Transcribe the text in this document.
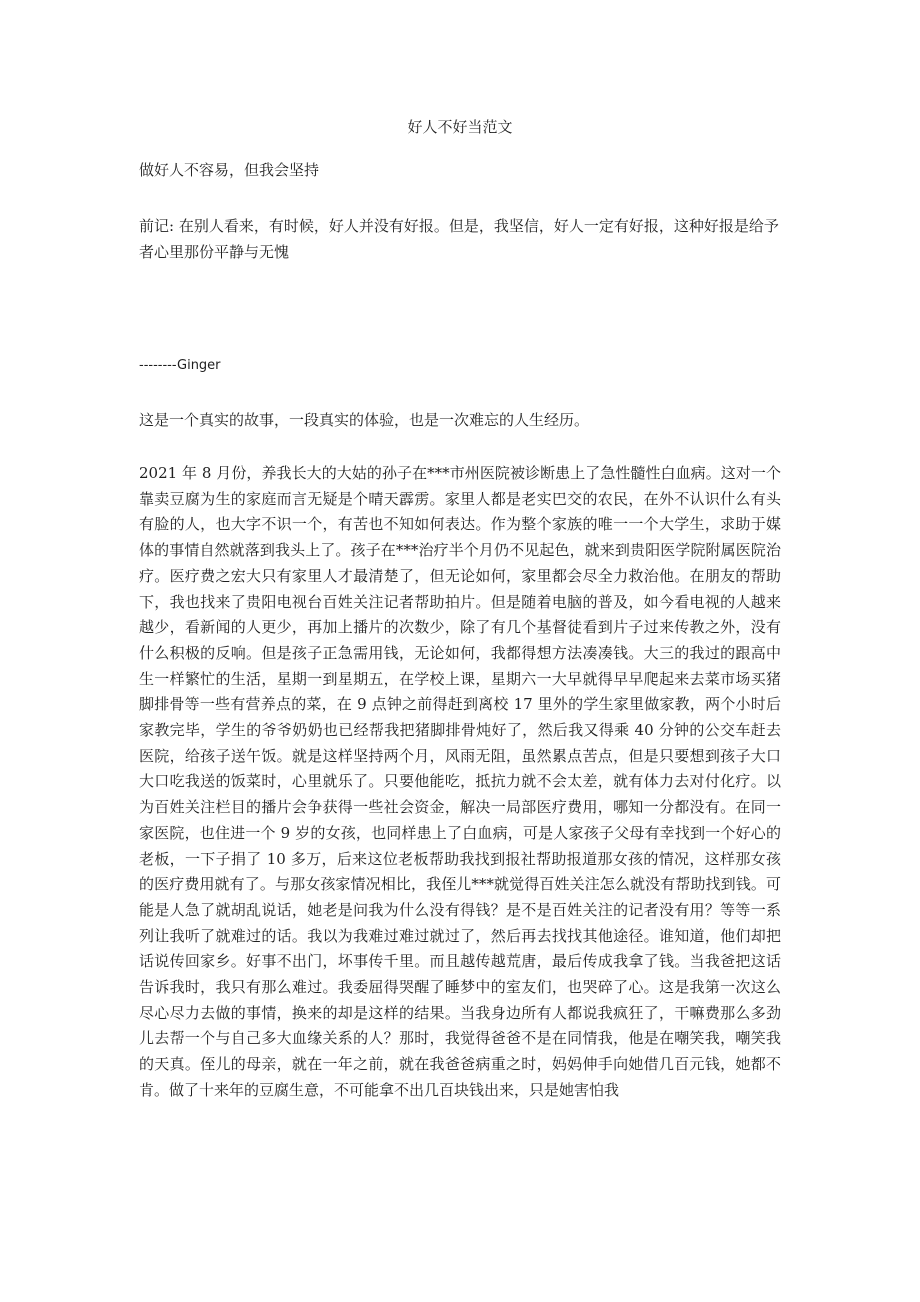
好人不好当范文

做好人不容易，但我会坚持

前记: 在别人看来，有时候，好人并没有好报。但是，我坚信，好人一定有好报，这种好报是给予者心里那份平静与无愧

--------Ginger

这是一个真实的故事，一段真实的体验，也是一次难忘的人生经历。

2021 年 8 月份，养我长大的大姑的孙子在***市州医院被诊断患上了急性髓性白血病。这对一个靠卖豆腐为生的家庭而言无疑是个晴天霹雳。家里人都是老实巴交的农民，在外不认识什么有头有脸的人，也大字不识一个，有苦也不知如何表达。作为整个家族的唯一一个大学生，求助于媒体的事情自然就落到我头上了。孩子在***治疗半个月仍不见起色，就来到贵阳医学院附属医院治疗。医疗费之宏大只有家里人才最清楚了，但无论如何，家里都会尽全力救治他。在朋友的帮助下，我也找来了贵阳电视台百姓关注记者帮助拍片。但是随着电脑的普及，如今看电视的人越来越少，看新闻的人更少，再加上播片的次数少，除了有几个基督徒看到片子过来传教之外，没有什么积极的反响。但是孩子正急需用钱，无论如何，我都得想方法凑凑钱。大三的我过的跟高中生一样繁忙的生活，星期一到星期五，在学校上课，星期六一大早就得早早爬起来去菜市场买猪脚排骨等一些有营养点的菜，在 9 点钟之前得赶到离校 17 里外的学生家里做家教，两个小时后家教完毕，学生的爷爷奶奶也已经帮我把猪脚排骨炖好了，然后我又得乘 40 分钟的公交车赶去医院，给孩子送午饭。就是这样坚持两个月，风雨无阻，虽然累点苦点，但是只要想到孩子大口大口吃我送的饭菜时，心里就乐了。只要他能吃，抵抗力就不会太差，就有体力去对付化疗。以为百姓关注栏目的播片会争获得一些社会资金，解决一局部医疗费用，哪知一分都没有。在同一家医院，也住进一个 9 岁的女孩，也同样患上了白血病，可是人家孩子父母有幸找到一个好心的老板，一下子捐了 10 多万，后来这位老板帮助我找到报社帮助报道那女孩的情况，这样那女孩的医疗费用就有了。与那女孩家情况相比，我侄儿***就觉得百姓关注怎么就没有帮助找到钱。可能是人急了就胡乱说话，她老是问我为什么没有得钱？是不是百姓关注的记者没有用？等等一系列让我听了就难过的话。我以为我难过难过就过了，然后再去找找其他途径。谁知道，他们却把话说传回家乡。好事不出门，坏事传千里。而且越传越荒唐，最后传成我拿了钱。当我爸把这话告诉我时，我只有那么难过。我委屈得哭醒了睡梦中的室友们，也哭碎了心。这是我第一次这么尽心尽力去做的事情，换来的却是这样的结果。当我身边所有人都说我疯狂了，干嘛费那么多劲儿去帮一个与自己多大血缘关系的人？那时，我觉得爸爸不是在同情我，他是在嘲笑我，嘲笑我的天真。侄儿的母亲，就在一年之前，就在我爸爸病重之时，妈妈伸手向她借几百元钱，她都不肯。做了十来年的豆腐生意，不可能拿不出几百块钱出来，只是她害怕我
